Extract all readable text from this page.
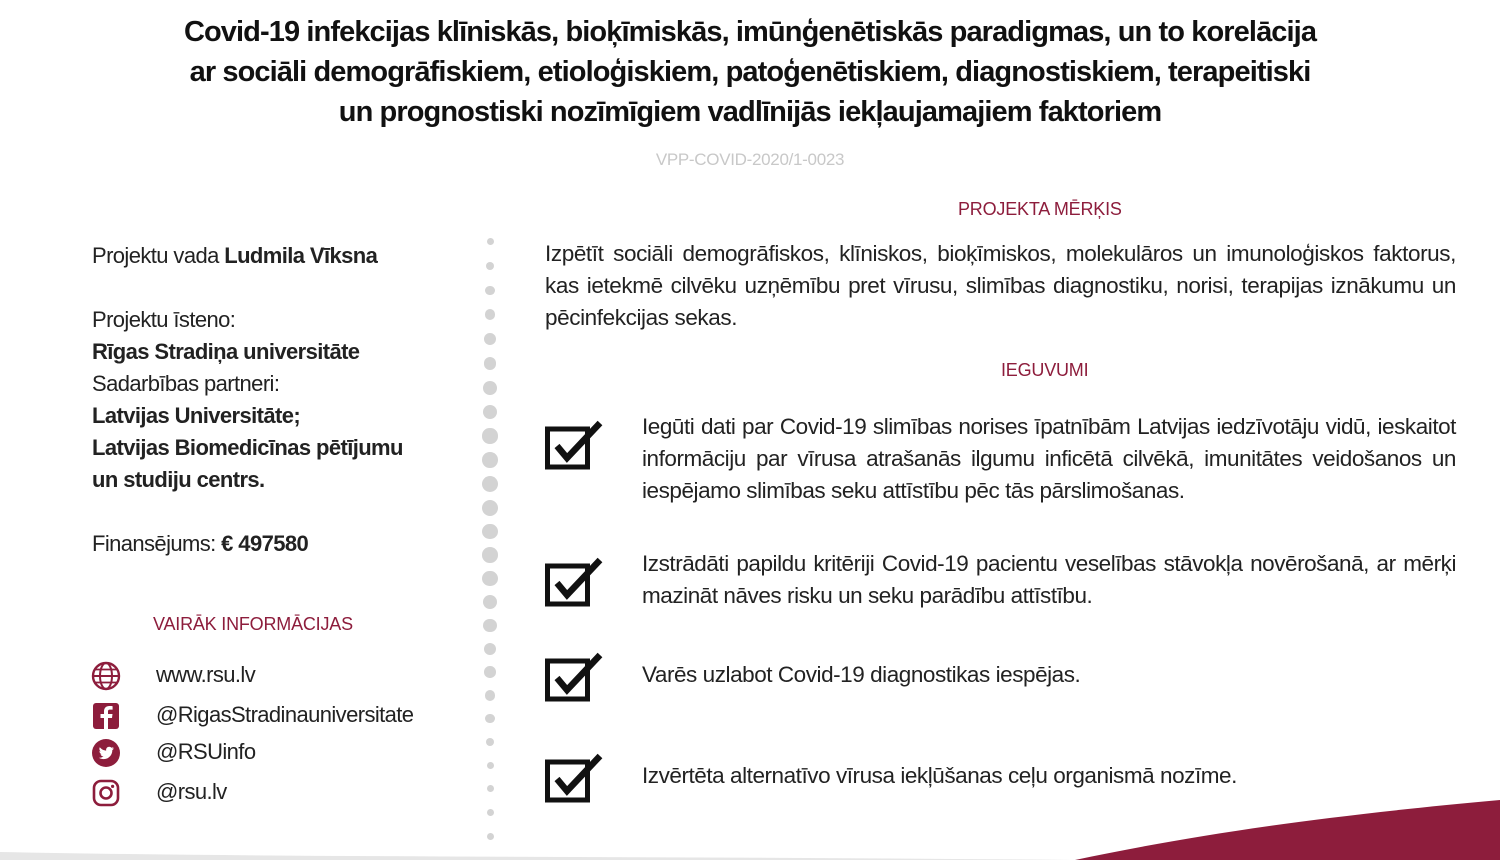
Covid-19 infekcijas klīniskās, bioķīmiskās, imūnģenētiskās paradigmas, un to korelācija
ar sociāli demogrāfiskiem, etioloģiskiem, patoģenētiskiem, diagnostiskiem, terapeitiski
un prognostiski nozīmīgiem vadlīnijās iekļaujamajiem faktoriem
VPP-COVID-2020/1-0023
Projektu vada Ludmila Vīksna
Projektu īsteno:
Rīgas Stradiņa universitāte
Sadarbības partneri:
Latvijas Universitāte;
Latvijas Biomedicīnas pētījumu
un studiju centrs.
Finansējums: € 497580
VAIRĀK INFORMĀCIJAS
www.rsu.lv
@RigasStradinauniversitate
@RSUinfo
@rsu.lv
PROJEKTA MĒRĶIS
Izpētīt sociāli demogrāfiskos, klīniskos, bioķīmiskos, molekulāros un imunoloģiskos faktorus, kas ietekmē cilvēku uzņēmību pret vīrusu, slimības diagnostiku, norisi, terapijas iznākumu un pēcinfekcijas sekas.
IEGUVUMI
Iegūti dati par Covid-19 slimības norises īpatnībām Latvijas iedzīvotāju vidū, ieskaitot informāciju par vīrusa atrašanās ilgumu inficētā cilvēkā, imunitātes veidošanos un iespējamo slimības seku attīstību pēc tās pārslimošanas.
Izstrādāti papildu kritēriji Covid-19 pacientu veselības stāvokļa novērošanā, ar mērķi mazināt nāves risku un seku parādību attīstību.
Varēs uzlabot Covid-19 diagnostikas iespējas.
Izvērtēta alternatīvo vīrusa iekļūšanas ceļu organismā nozīme.
